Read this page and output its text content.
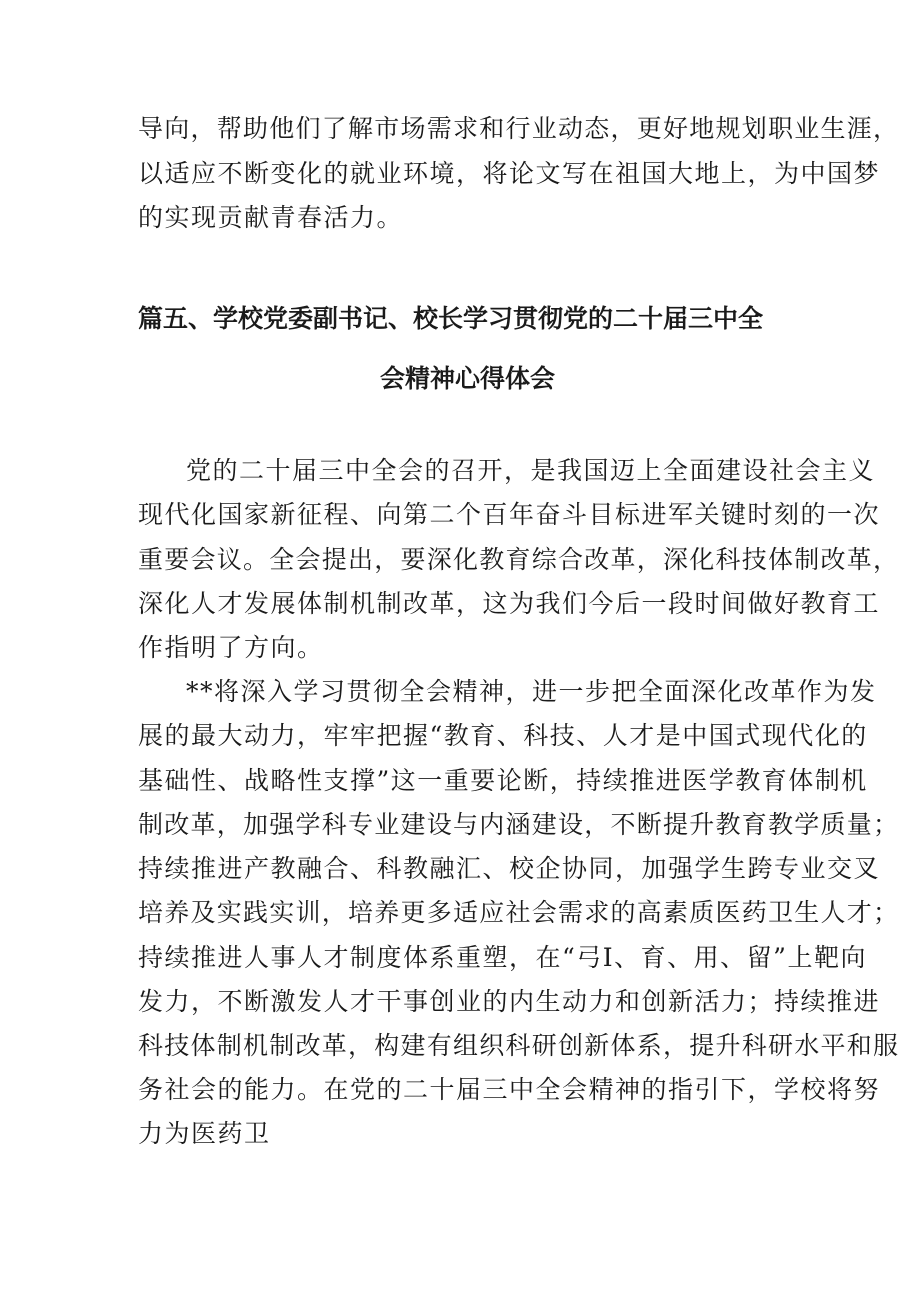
导向，帮助他们了解市场需求和行业动态，更好地规划职业生涯，

以适应不断变化的就业环境，将论文写在祖国大地上，为中国梦

的实现贡献青春活力。

篇五、学校党委副书记、校长学习贯彻党的二十届三中全
会精神心得体会

党的二十届三中全会的召开，是我国迈上全面建设社会主义

现代化国家新征程、向第二个百年奋斗目标进军关键时刻的一次

重要会议。全会提出，要深化教育综合改革，深化科技体制改革，

深化人才发展体制机制改革，这为我们今后一段时间做好教育工

作指明了方向。

**将深入学习贯彻全会精神，进一步把全面深化改革作为发

展的最大动力，牢牢把握“教育、科技、人才是中国式现代化的

基础性、战略性支撑”这一重要论断，持续推进医学教育体制机

制改革，加强学科专业建设与内涵建设，不断提升教育教学质量；

持续推进产教融合、科教融汇、校企协同，加强学生跨专业交叉

培养及实践实训，培养更多适应社会需求的高素质医药卫生人才；

持续推进人事人才制度体系重塑，在“弓I、育、用、留”上靶向

发力，不断激发人才干事创业的内生动力和创新活力；持续推进

科技体制机制改革，构建有组织科研创新体系，提升科研水平和服

务社会的能力。在党的二十届三中全会精神的指引下，学校将努

力为医药卫
